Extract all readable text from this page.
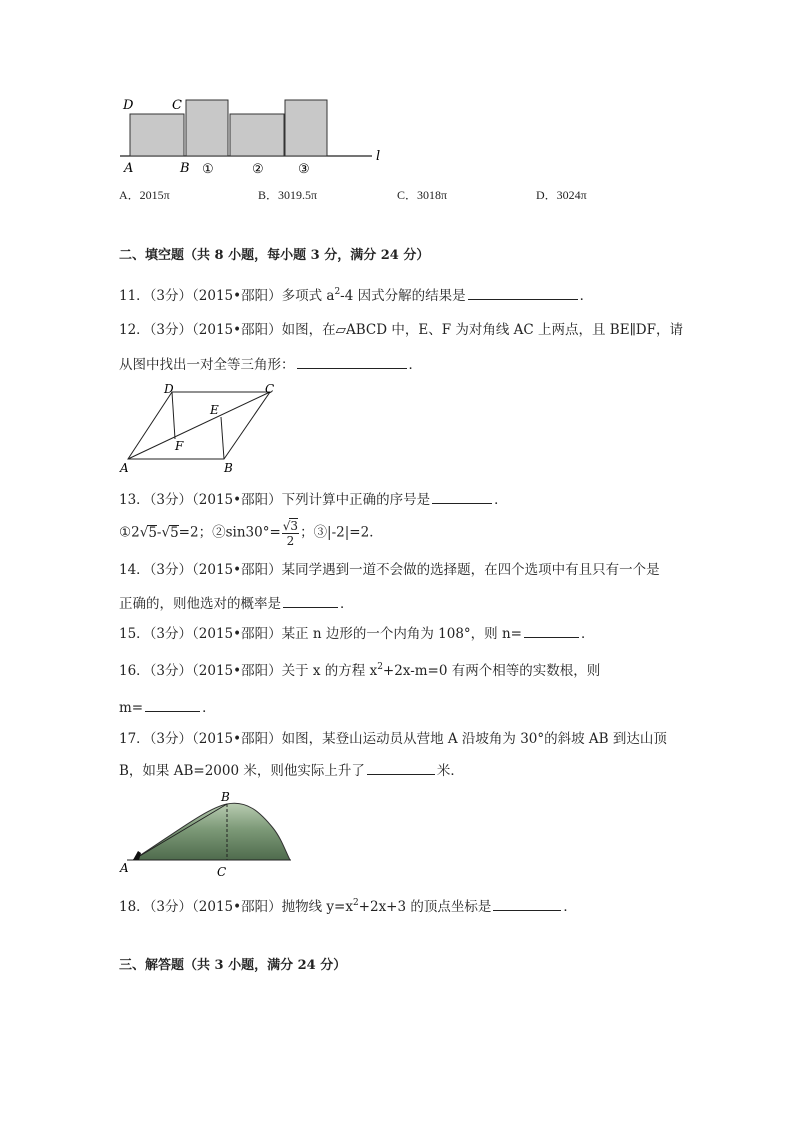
D	C
A	B ①	②	③
l
A．2015π	B．3019.5π	C．3018π	D．3024π
二、填空题（共 8 小题，每小题 3 分，满分 24 分）
11．（3分）（2015•邵阳）多项式 $a^2-4$ 因式分解的结果是	．
12．（3分）（2015•邵阳）如图，在▱ABCD 中，E、F 为对角线 AC 上两点，且 BE∥DF，请
从图中找出一对全等三角形：	．
D	C
E
F
A	B
13．（3分）（2015•邵阳）下列计算中正确的序号是	．
①2√5-√5=2；②sin30°= $\frac{√3}{2}$ ；③|-2|=2．
14．（3分）（2015•邵阳）某同学遇到一道不会做的选择题，在四个选项中有且只有一个是
正确的，则他选对的概率是	．
15．（3分）（2015•邵阳）某正 n 边形的一个内角为 108°，则 n=	．
16．（3分）（2015•邵阳）关于 x 的方程 $x^2+2x-m=0$ 有两个相等的实数根，则
m=	．
17．（3分）（2015•邵阳）如图，某登山运动员从营地 A 沿坡角为 30°的斜坡 AB 到达山顶
B，如果 AB=2000 米，则他实际上升了	米．
B
A	C
18．（3分）（2015•邵阳）抛物线 $y=x^2+2x+3$ 的顶点坐标是	．
三、解答题（共 3 小题，满分 24 分）
